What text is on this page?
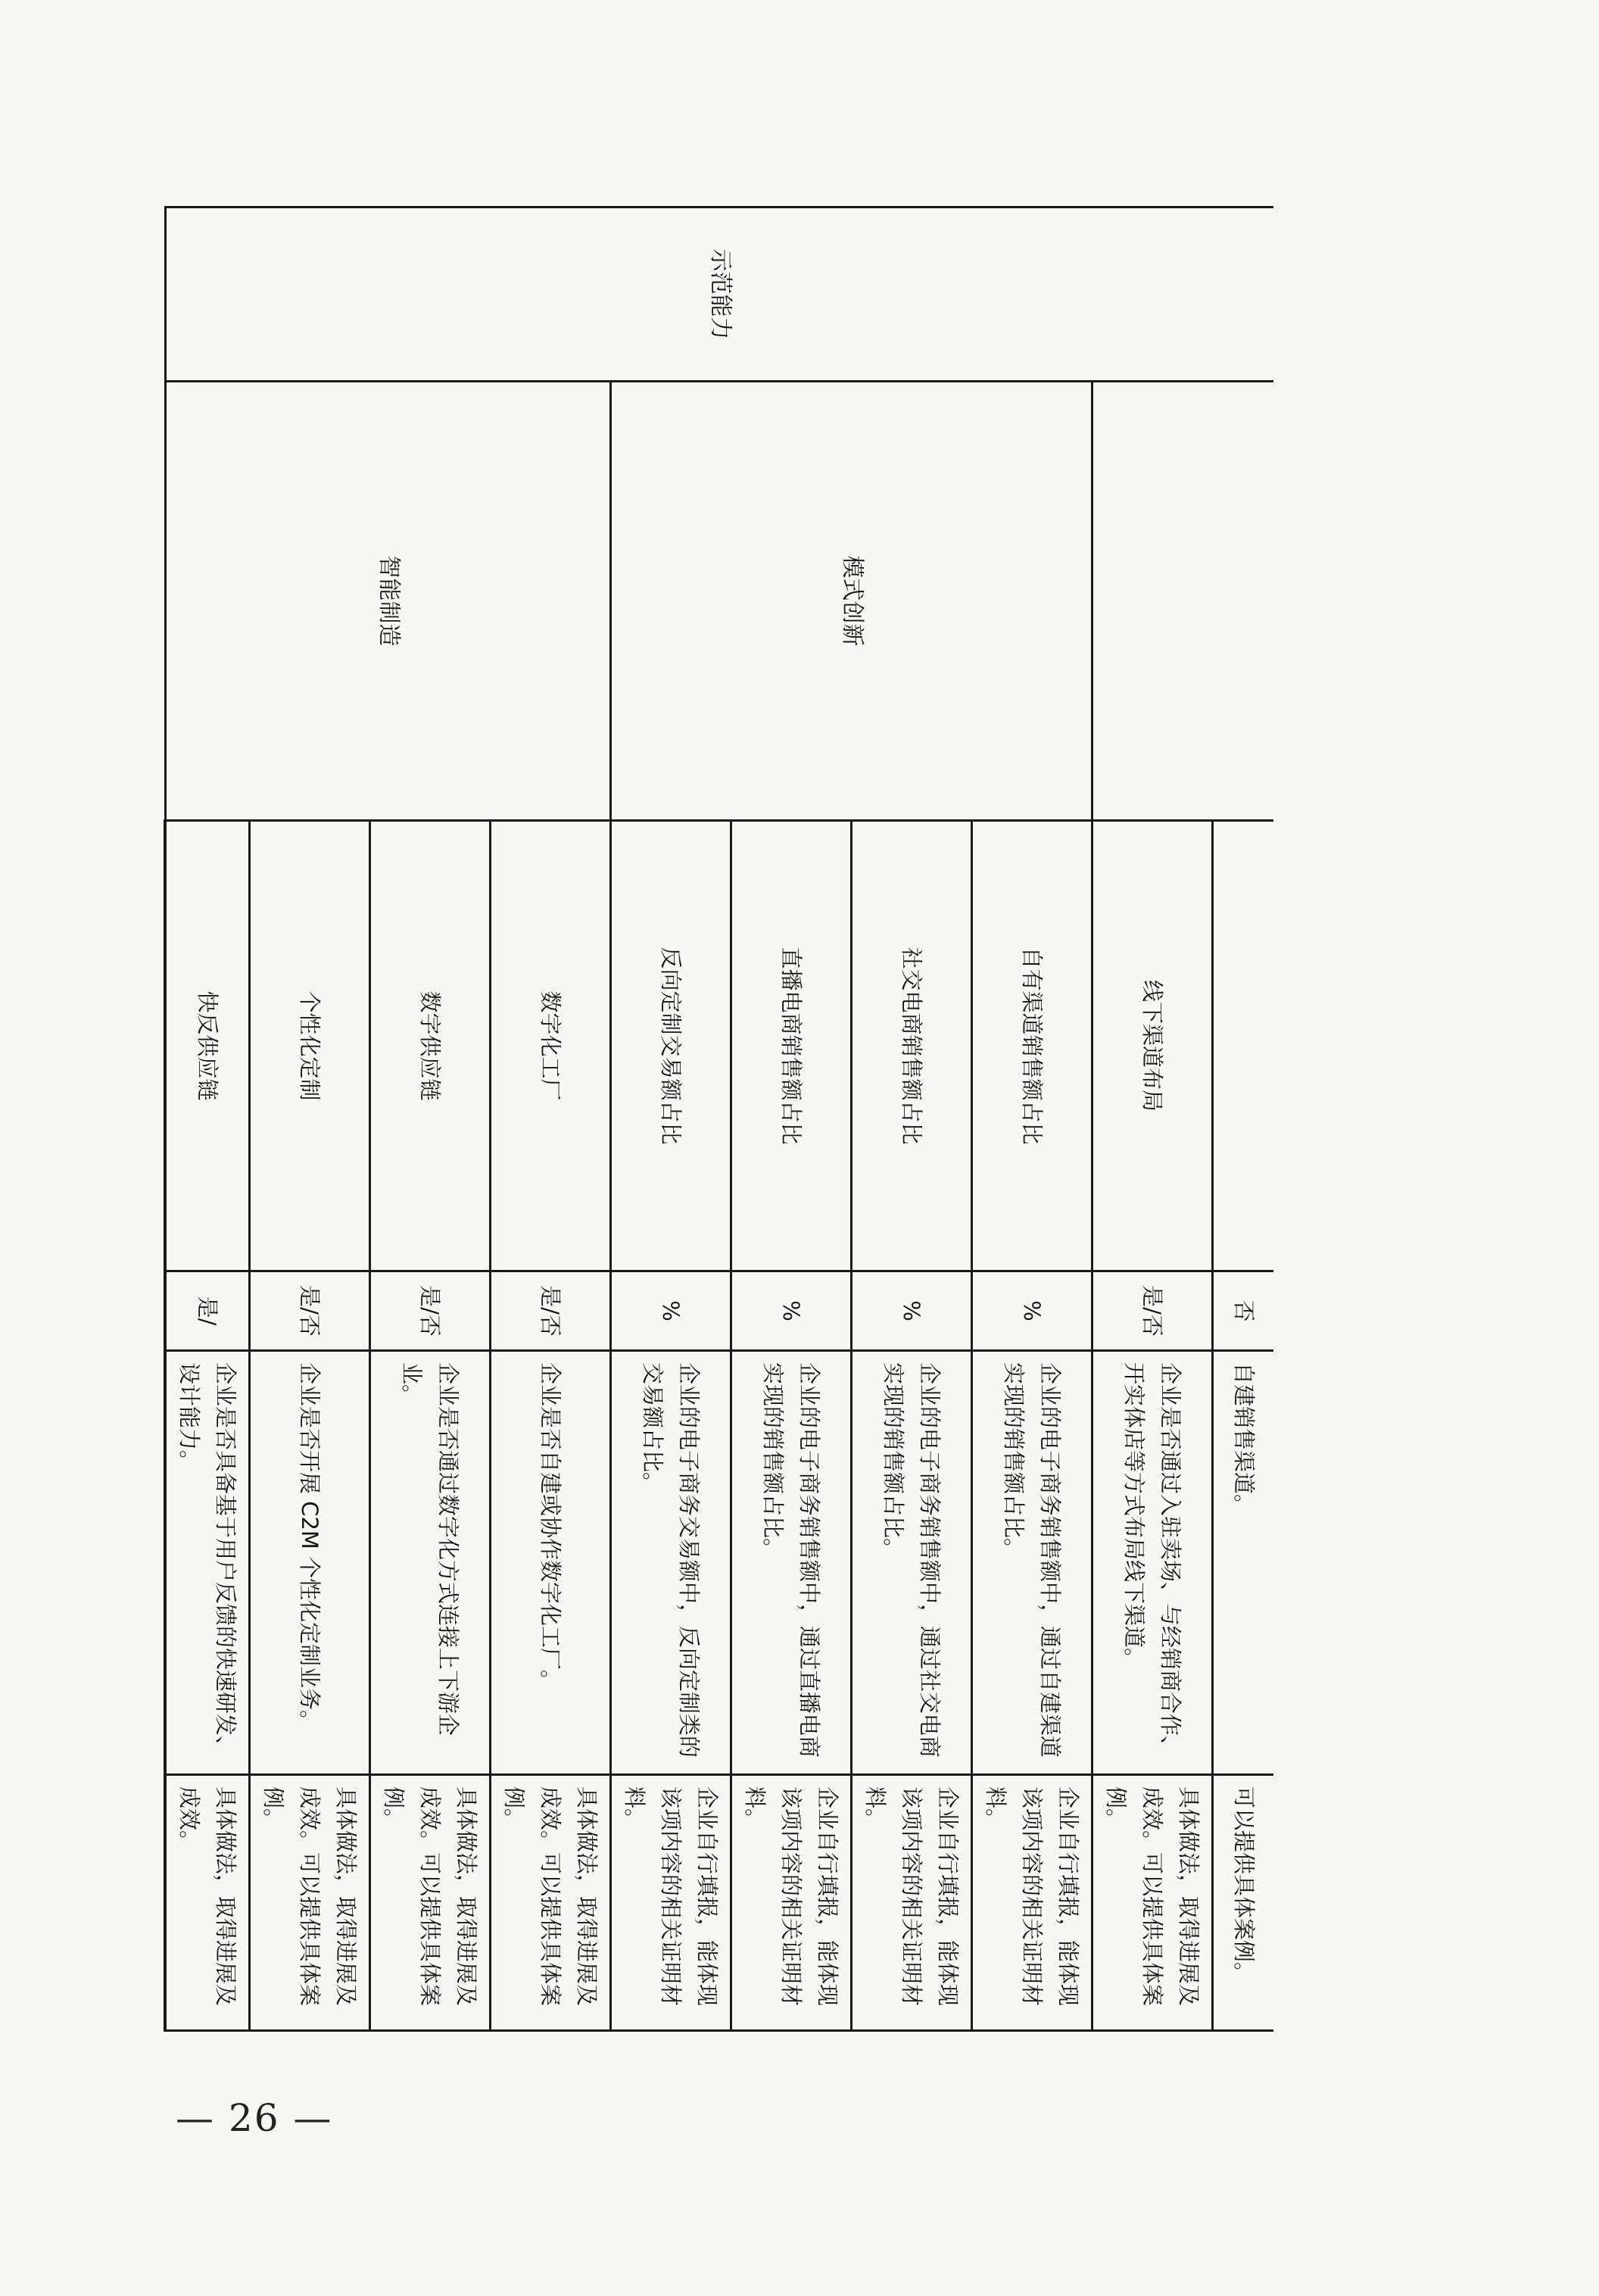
示范能力			否	自建销售渠道。	可以提供具体案例。
		线下渠道布局	是/否	企业是否通过入驻卖场、与经销商合作、开实体店等方式布局线下渠道。	具体做法，取得进展及成效。可以提供具体案例。
	模式创新	自有渠道销售额占比	%	企业的电子商务销售额中，通过自建渠道实现的销售额占比。	企业自行填报，能体现该项内容的相关证明材料。
		社交电商销售额占比	%	企业的电子商务销售额中，通过社交电商实现的销售额占比。	企业自行填报，能体现该项内容的相关证明材料。
		直播电商销售额占比	%	企业的电子商务销售额中，通过直播电商实现的销售额占比。	企业自行填报，能体现该项内容的相关证明材料。
		反向定制交易额占比	%	企业的电子商务交易额中，反向定制类的交易额占比。	企业自行填报，能体现该项内容的相关证明材料。
	智能制造	数字化工厂	是/否	企业是否自建或协作数字化工厂。	具体做法，取得进展及成效。可以提供具体案例。
		数字供应链	是/否	企业是否通过数字化方式连接上下游企业。	具体做法，取得进展及成效。可以提供具体案例。
		个性化定制	是/否	企业是否开展 C2M 个性化定制业务。	具体做法，取得进展及成效。可以提供具体案例。
		快反供应链	是/	企业是否具备基于用户反馈的快速研发、设计能力。	具体做法，取得进展及成效。
— 26 —
